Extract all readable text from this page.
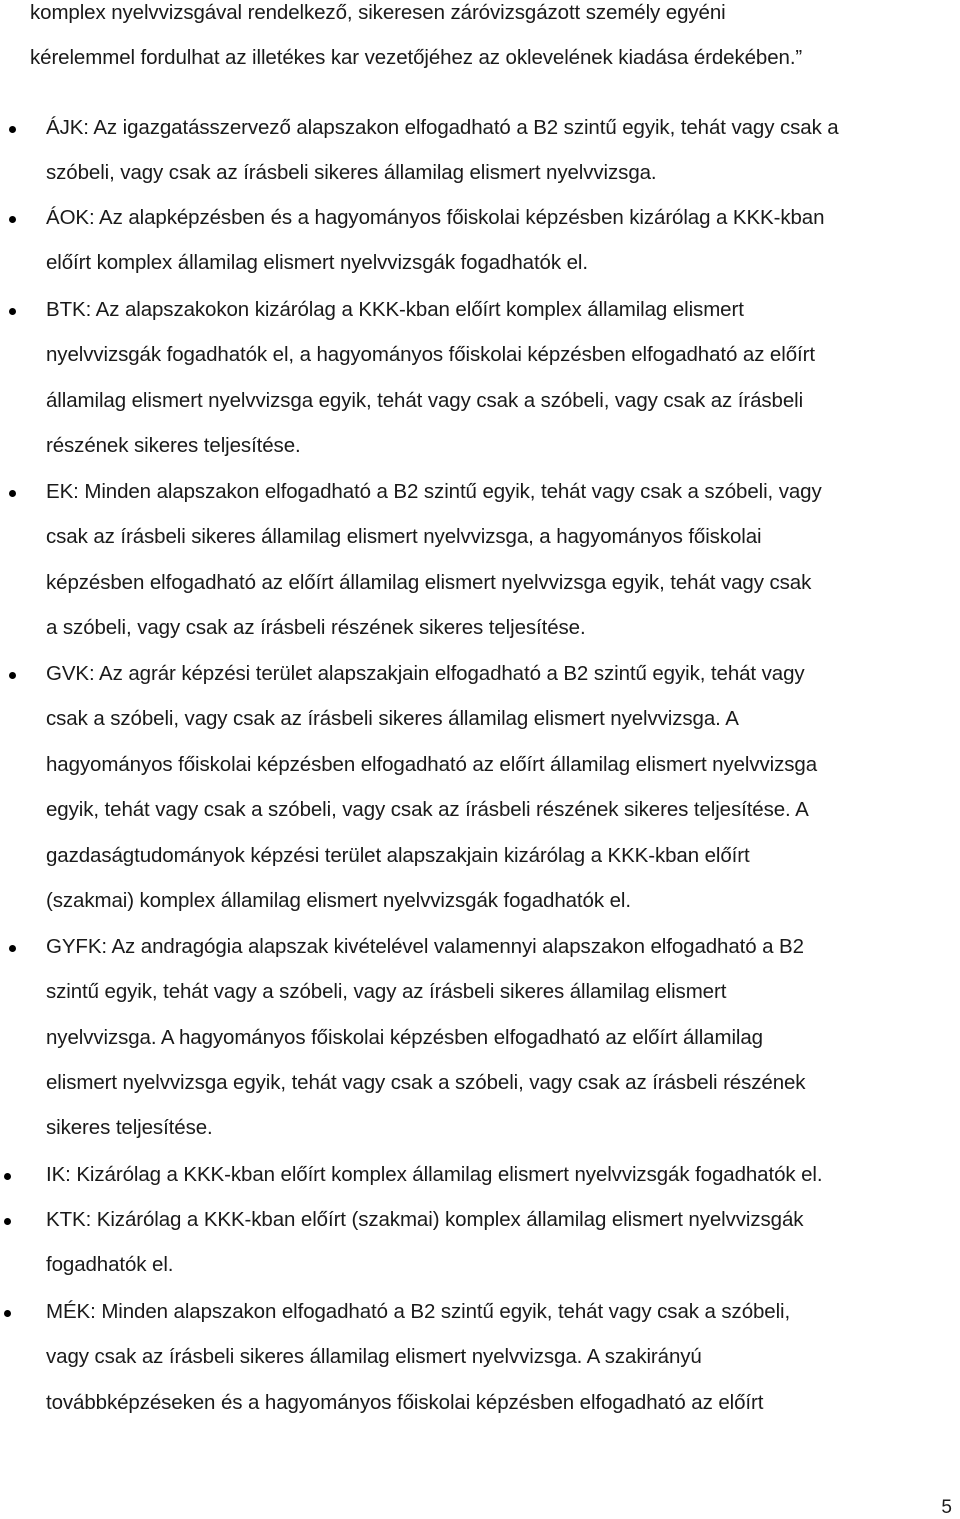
komplex nyelvvizsgával rendelkező, sikeresen záróvizsgázott személy egyéni
kérelemmel fordulhat az illetékes kar vezetőjéhez az oklevelének kiadása érdekében.”
ÁJK: Az igazgatásszervező alapszakon elfogadható a B2 szintű egyik, tehát vagy csak a
szóbeli, vagy csak az írásbeli sikeres államilag elismert nyelvvizsga.
ÁOK: Az alapképzésben és a hagyományos főiskolai képzésben kizárólag a KKK-kban
előírt komplex államilag elismert nyelvvizsgák fogadhatók el.
BTK: Az alapszakokon kizárólag a KKK-kban előírt komplex államilag elismert
nyelvvizsgák fogadhatók el, a hagyományos főiskolai képzésben elfogadható az előírt
államilag elismert nyelvvizsga egyik, tehát vagy csak a szóbeli, vagy csak az írásbeli
részének sikeres teljesítése.
EK: Minden alapszakon elfogadható a B2 szintű egyik, tehát vagy csak a szóbeli, vagy
csak az írásbeli sikeres államilag elismert nyelvvizsga, a hagyományos főiskolai
képzésben elfogadható az előírt államilag elismert nyelvvizsga egyik, tehát vagy csak
a szóbeli, vagy csak az írásbeli részének sikeres teljesítése.
GVK: Az agrár képzési terület alapszakjain elfogadható a B2 szintű egyik, tehát vagy
csak a szóbeli, vagy csak az írásbeli sikeres államilag elismert nyelvvizsga. A
hagyományos főiskolai képzésben elfogadható az előírt államilag elismert nyelvvizsga
egyik, tehát vagy csak a szóbeli, vagy csak az írásbeli részének sikeres teljesítése. A
gazdaságtudományok képzési terület alapszakjain kizárólag a KKK-kban előírt
(szakmai) komplex államilag elismert nyelvvizsgák fogadhatók el.
GYFK: Az andragógia alapszak kivételével valamennyi alapszakon elfogadható a B2
szintű egyik, tehát vagy a szóbeli, vagy az írásbeli sikeres államilag elismert
nyelvvizsga. A hagyományos főiskolai képzésben elfogadható az előírt államilag
elismert nyelvvizsga egyik, tehát vagy csak a szóbeli, vagy csak az írásbeli részének
sikeres teljesítése.
IK: Kizárólag a KKK-kban előírt komplex államilag elismert nyelvvizsgák fogadhatók el.
KTK: Kizárólag a KKK-kban előírt (szakmai) komplex államilag elismert nyelvvizsgák
fogadhatók el.
MÉK: Minden alapszakon elfogadható a B2 szintű egyik, tehát vagy csak a szóbeli,
vagy csak az írásbeli sikeres államilag elismert nyelvvizsga. A szakirányú
továbbképzéseken és a hagyományos főiskolai képzésben elfogadható az előírt
5
